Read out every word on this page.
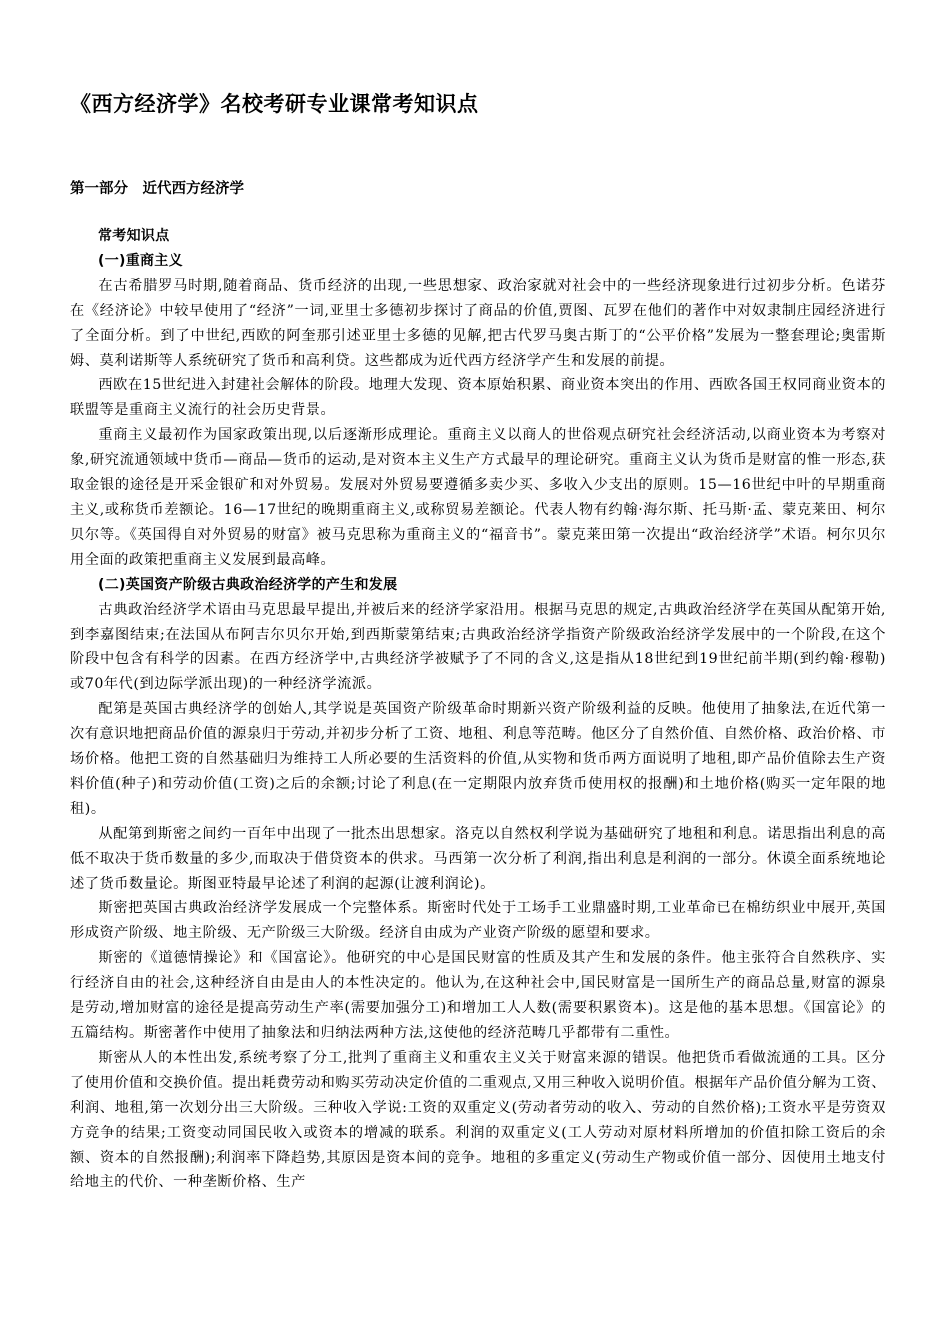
《西方经济学》名校考研专业课常考知识点
第一部分　近代西方经济学
常考知识点
(一)重商主义

在古希腊罗马时期,随着商品、货币经济的出现,一些思想家、政治家就对社会中的一些经济现象进行过初步分析。色诺芬在《经济论》中较早使用了“经济”一词,亚里士多德初步探讨了商品的价值,贾图、瓦罗在他们的著作中对奴隶制庄园经济进行了全面分析。到了中世纪,西欧的阿奎那引述亚里士多德的见解,把古代罗马奥古斯丁的“公平价格”发展为一整套理论;奥雷斯姆、莫利诺斯等人系统研究了货币和高利贷。这些都成为近代西方经济学产生和发展的前提。

西欧在15世纪进入封建社会解体的阶段。地理大发现、资本原始积累、商业资本突出的作用、西欧各国王权同商业资本的联盟等是重商主义流行的社会历史背景。

重商主义最初作为国家政策出现,以后逐渐形成理论。重商主义以商人的世俗观点研究社会经济活动,以商业资本为考察对象,研究流通领域中货币—商品—货币的运动,是对资本主义生产方式最早的理论研究。重商主义认为货币是财富的惟一形态,获取金银的途径是开采金银矿和对外贸易。发展对外贸易要遵循多卖少买、多收入少支出的原则。15—16世纪中叶的早期重商主义,或称货币差额论。16—17世纪的晚期重商主义,或称贸易差额论。代表人物有约翰·海尔斯、托马斯·孟、蒙克莱田、柯尔贝尔等。《英国得自对外贸易的财富》被马克思称为重商主义的“福音书”。蒙克莱田第一次提出“政治经济学”术语。柯尔贝尔用全面的政策把重商主义发展到最高峰。

(二)英国资产阶级古典政治经济学的产生和发展

古典政治经济学术语由马克思最早提出,并被后来的经济学家沿用。根据马克思的规定,古典政治经济学在英国从配第开始,到李嘉图结束;在法国从布阿吉尔贝尔开始,到西斯蒙第结束;古典政治经济学指资产阶级政治经济学发展中的一个阶段,在这个阶段中包含有科学的因素。在西方经济学中,古典经济学被赋予了不同的含义,这是指从18世纪到19世纪前半期(到约翰·穆勒)或70年代(到边际学派出现)的一种经济学流派。

配第是英国古典经济学的创始人,其学说是英国资产阶级革命时期新兴资产阶级利益的反映。他使用了抽象法,在近代第一次有意识地把商品价值的源泉归于劳动,并初步分析了工资、地租、利息等范畴。他区分了自然价值、自然价格、政治价格、市场价格。他把工资的自然基础归为维持工人所必要的生活资料的价值,从实物和货币两方面说明了地租,即产品价值除去生产资料价值(种子)和劳动价值(工资)之后的余额;讨论了利息(在一定期限内放弃货币使用权的报酬)和土地价格(购买一定年限的地租)。

从配第到斯密之间约一百年中出现了一批杰出思想家。洛克以自然权利学说为基础研究了地租和利息。诺思指出利息的高低不取决于货币数量的多少,而取决于借贷资本的供求。马西第一次分析了利润,指出利息是利润的一部分。休谟全面系统地论述了货币数量论。斯图亚特最早论述了利润的起源(让渡利润论)。

斯密把英国古典政治经济学发展成一个完整体系。斯密时代处于工场手工业鼎盛时期,工业革命已在棉纺织业中展开,英国形成资产阶级、地主阶级、无产阶级三大阶级。经济自由成为产业资产阶级的愿望和要求。

斯密的《道德情操论》和《国富论》。他研究的中心是国民财富的性质及其产生和发展的条件。他主张符合自然秩序、实行经济自由的社会,这种经济自由是由人的本性决定的。他认为,在这种社会中,国民财富是一国所生产的商品总量,财富的源泉是劳动,增加财富的途径是提高劳动生产率(需要加强分工)和增加工人人数(需要积累资本)。这是他的基本思想。《国富论》的五篇结构。斯密著作中使用了抽象法和归纳法两种方法,这使他的经济范畴几乎都带有二重性。

斯密从人的本性出发,系统考察了分工,批判了重商主义和重农主义关于财富来源的错误。他把货币看做流通的工具。区分了使用价值和交换价值。提出耗费劳动和购买劳动决定价值的二重观点,又用三种收入说明价值。根据年产品价值分解为工资、利润、地租,第一次划分出三大阶级。三种收入学说:工资的双重定义(劳动者劳动的收入、劳动的自然价格);工资水平是劳资双方竞争的结果;工资变动同国民收入或资本的增减的联系。利润的双重定义(工人劳动对原材料所增加的价值扣除工资后的余额、资本的自然报酬);利润率下降趋势,其原因是资本间的竞争。地租的多重定义(劳动生产物或价值一部分、因使用土地支付给地主的代价、一种垄断价格、生产
